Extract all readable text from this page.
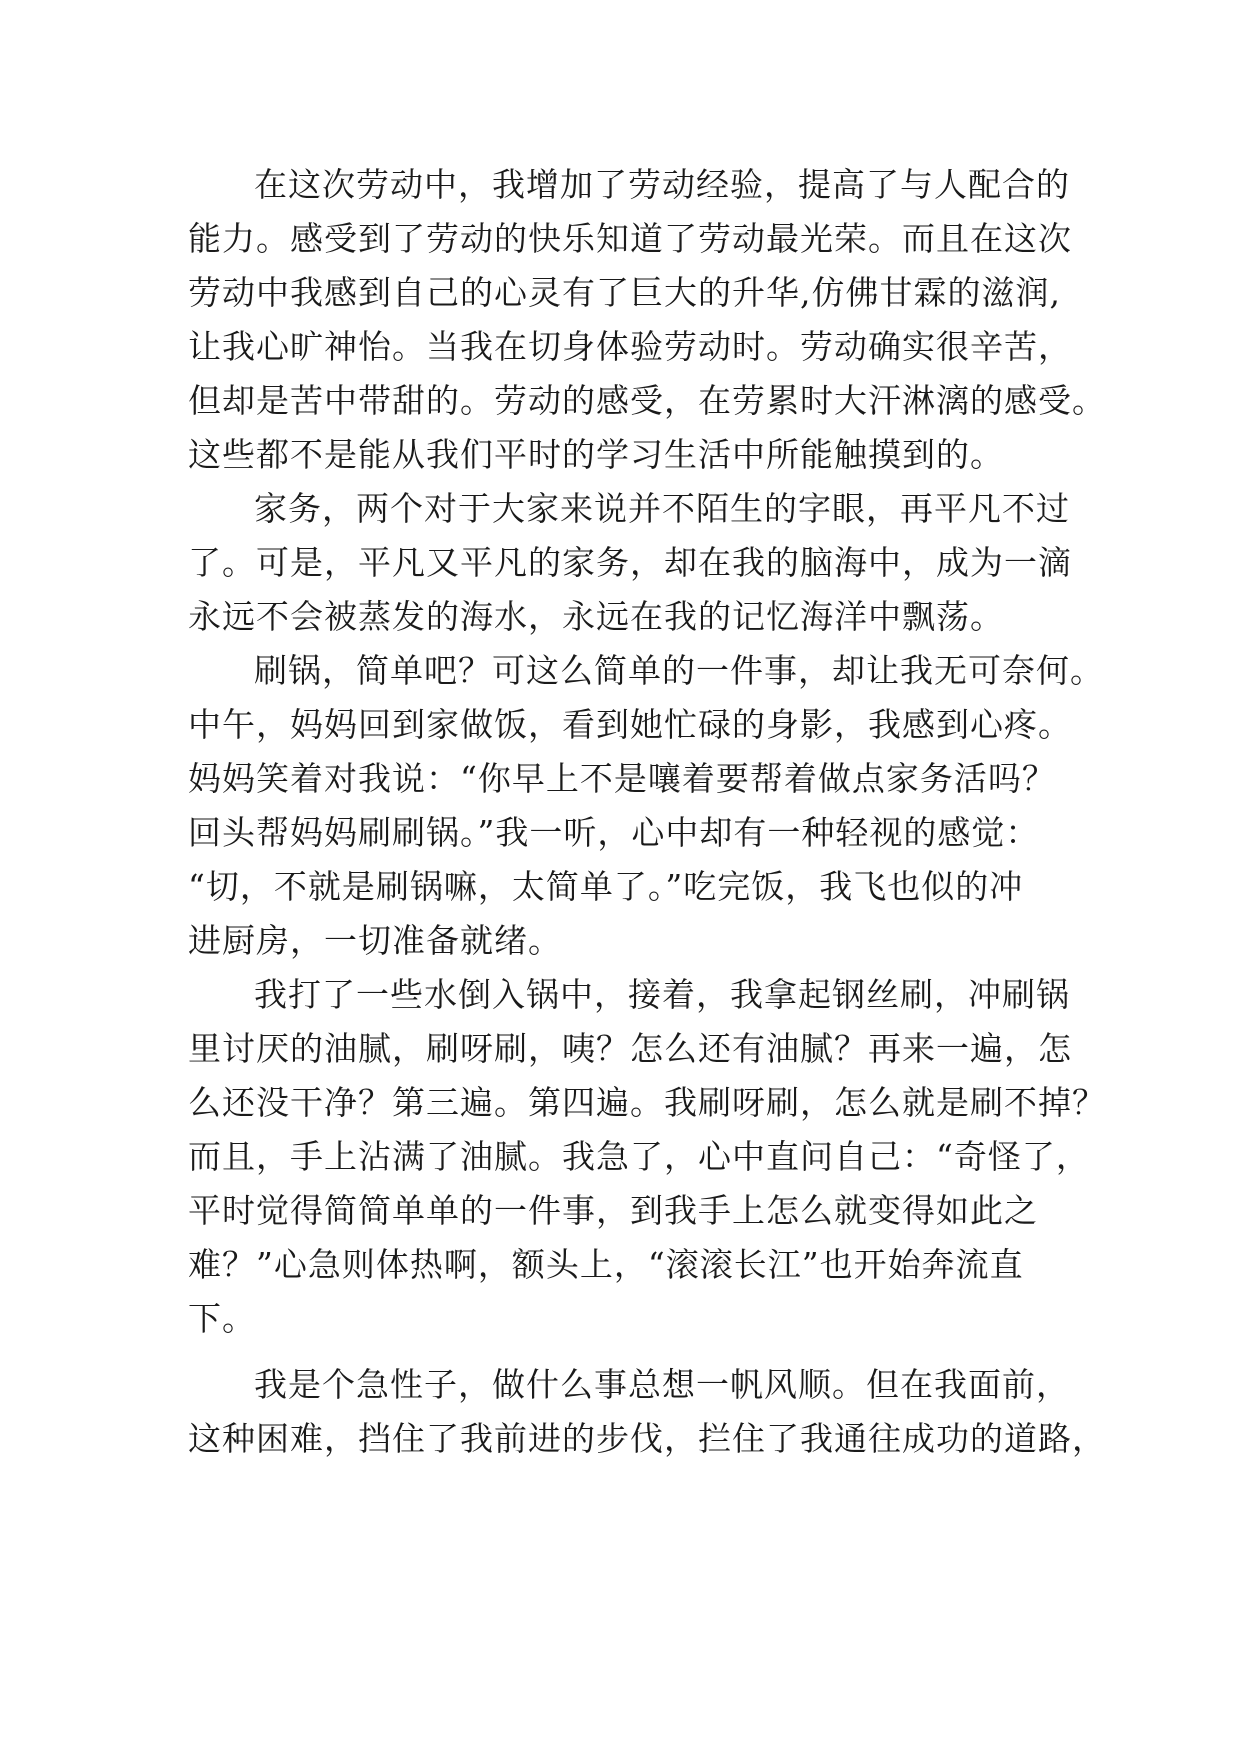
在这次劳动中，我增加了劳动经验，提高了与人配合的
能力。感受到了劳动的快乐知道了劳动最光荣。而且在这次
劳动中我感到自己的心灵有了巨大的升华,仿佛甘霖的滋润,
让我心旷神怡。当我在切身体验劳动时。劳动确实很辛苦，
但却是苦中带甜的。劳动的感受，在劳累时大汗淋漓的感受。
这些都不是能从我们平时的学习生活中所能触摸到的。
家务，两个对于大家来说并不陌生的字眼，再平凡不过
了。可是，平凡又平凡的家务，却在我的脑海中，成为一滴
永远不会被蒸发的海水，永远在我的记忆海洋中飘荡。
刷锅，简单吧？可这么简单的一件事，却让我无可奈何。
中午，妈妈回到家做饭，看到她忙碌的身影，我感到心疼。
妈妈笑着对我说：“你早上不是嚷着要帮着做点家务活吗？
回头帮妈妈刷刷锅。”我一听，心中却有一种轻视的感觉：
“切，不就是刷锅嘛，太简单了。”吃完饭，我飞也似的冲
进厨房，一切准备就绪。
我打了一些水倒入锅中，接着，我拿起钢丝刷，冲刷锅
里讨厌的油腻，刷呀刷，咦？怎么还有油腻？再来一遍，怎
么还没干净？第三遍。第四遍。我刷呀刷，怎么就是刷不掉？
而且，手上沾满了油腻。我急了，心中直问自己：“奇怪了，
平时觉得简简单单的一件事，到我手上怎么就变得如此之
难？”心急则体热啊，额头上，“滚滚长江”也开始奔流直
下。
我是个急性子，做什么事总想一帆风顺。但在我面前，
这种困难，挡住了我前进的步伐，拦住了我通往成功的道路，
